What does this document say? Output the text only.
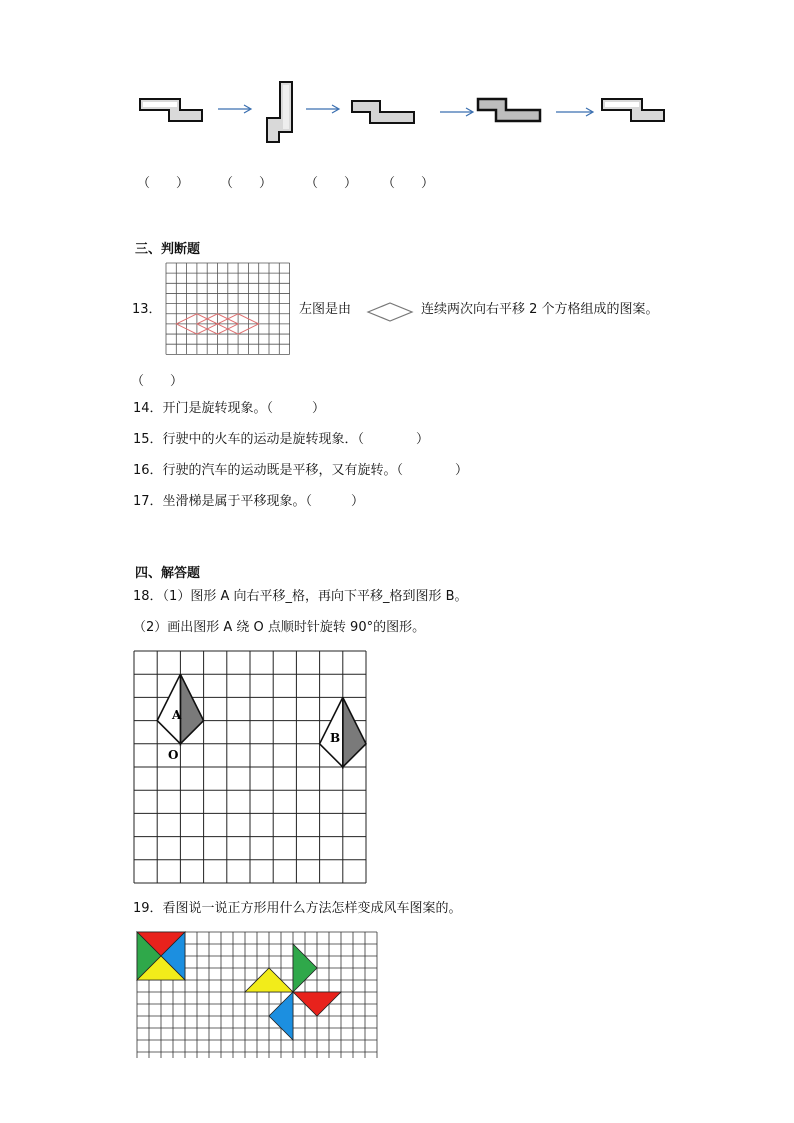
（　　） （　　）	（　　） （　　）
三、判断题
13．	左图是由	连续两次向右平移 2 个方格组成的图案。
（　　）
14．开门是旋转现象。（　　　）
15．行驶中的火车的运动是旋转现象．（　　　　）
16．行驶的汽车的运动既是平移，又有旋转。（　　　　）
17．坐滑梯是属于平移现象。（　　　）
四、解答题
18．（1）图形 A 向右平移_格，再向下平移_格到图形 B。
（2）画出图形 A 绕 O 点顺时针旋转 90°的图形。
A
B
O
19．看图说一说正方形用什么方法怎样变成风车图案的。
